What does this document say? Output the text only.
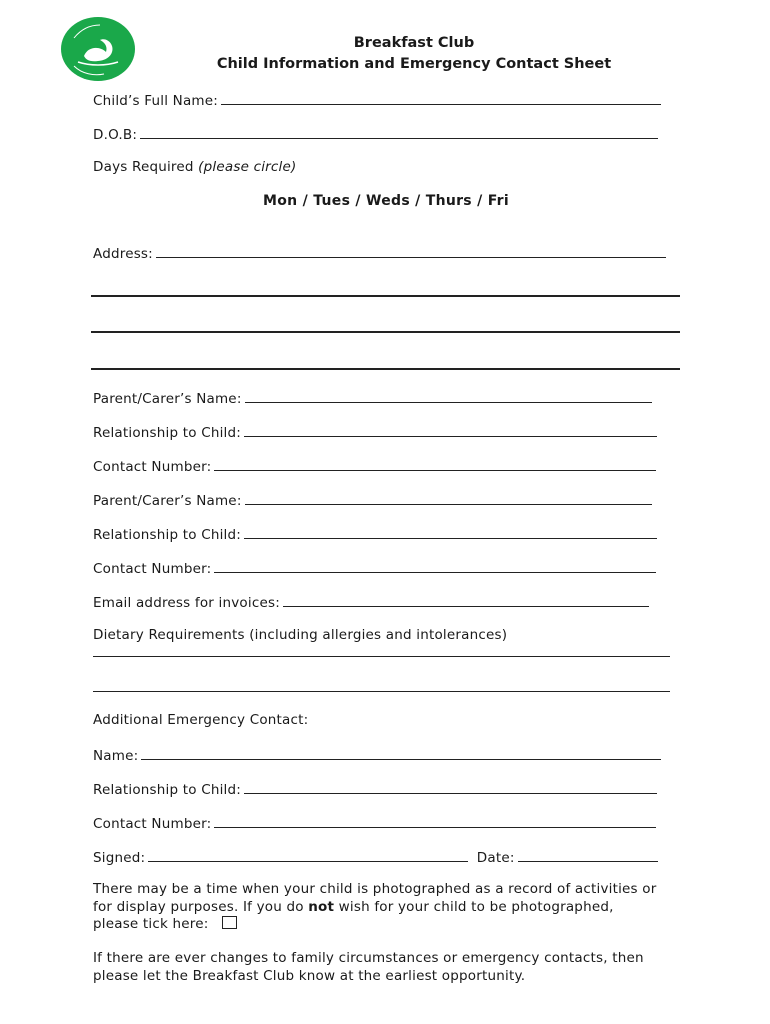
Breakfast Club
Child Information and Emergency Contact Sheet
Child’s Full Name:
D.O.B:
Days Required (please circle)
Mon / Tues / Weds / Thurs / Fri
Address:
Parent/Carer’s Name:
Relationship to Child:
Contact Number:
Parent/Carer’s Name:
Relationship to Child:
Contact Number:
Email address for invoices:
Dietary Requirements (including allergies and intolerances)
Additional Emergency Contact:
Name:
Relationship to Child:
Contact Number:
Signed:	Date:
There may be a time when your child is photographed as a record of activities or for display purposes. If you do not wish for your child to be photographed, please tick here:
If there are ever changes to family circumstances or emergency contacts, then please let the Breakfast Club know at the earliest opportunity.
